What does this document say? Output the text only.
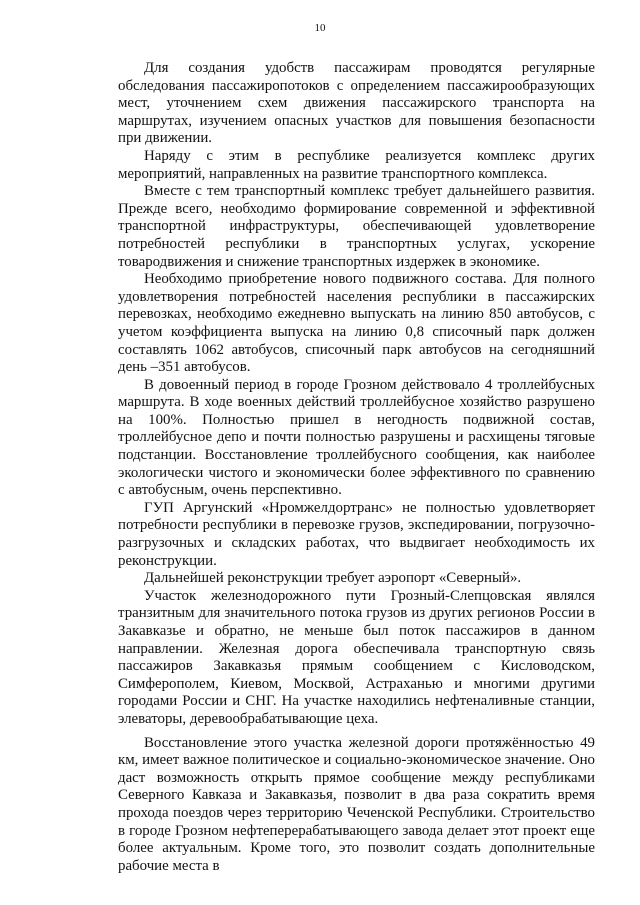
10

Для создания удобств пассажирам проводятся регулярные обследования пассажиропотоков с определением пассажирообразующих мест, уточнением схем движения пассажирского транспорта на маршрутах, изучением опасных участков для повышения безопасности при движении.

Наряду с этим в республике реализуется комплекс других мероприятий, направленных на развитие транспортного комплекса.

Вместе с тем транспортный комплекс требует дальнейшего развития. Прежде всего, необходимо формирование современной и эффективной транспортной инфраструктуры, обеспечивающей удовлетворение потребностей республики в транспортных услугах, ускорение товародвижения и снижение транспортных издержек в экономике.

Необходимо приобретение нового подвижного состава. Для полного удовлетворения потребностей населения республики в пассажирских перевозках, необходимо ежедневно выпускать на линию 850 автобусов, с учетом коэффициента выпуска на линию 0,8 списочный парк должен составлять 1062 автобусов, списочный парк автобусов на сегодняшний день –351 автобусов.

В довоенный период в городе Грозном действовало 4 троллейбусных маршрута. В ходе военных действий троллейбусное хозяйство разрушено на 100%. Полностью пришел в негодность подвижной состав, троллейбусное депо и почти полностью разрушены и расхищены тяговые подстанции. Восстановление троллейбусного сообщения, как наиболее экологически чистого и экономически более эффективного по сравнению с автобусным, очень перспективно.

ГУП Аргунский «Нромжелдортранс» не полностью удовлетворяет потребности республики в перевозке грузов, экспедировании, погрузочно-разгрузочных и складских работах, что выдвигает необходимость их реконструкции.

Дальнейшей реконструкции требует аэропорт «Северный».

Участок железнодорожного пути Грозный-Слепцовская являлся транзитным для значительного потока грузов из других регионов России в Закавказье и обратно, не меньше был поток пассажиров в данном направлении. Железная дорога обеспечивала транспортную связь пассажиров Закавказья прямым сообщением с Кисловодском, Симферополем, Киевом, Москвой, Астраханью и многими другими городами России и СНГ. На участке находились нефтеналивные станции, элеваторы, деревообрабатывающие цеха.

Восстановление этого участка железной дороги протяжённостью 49 км, имеет важное политическое и социально-экономическое значение. Оно даст возможность открыть прямое сообщение между республиками Северного Кавказа и Закавказья, позволит в два раза сократить время прохода поездов через территорию Чеченской Республики. Строительство в городе Грозном нефтеперерабатывающего завода делает этот проект еще более актуальным. Кроме того, это позволит создать дополнительные рабочие места в
